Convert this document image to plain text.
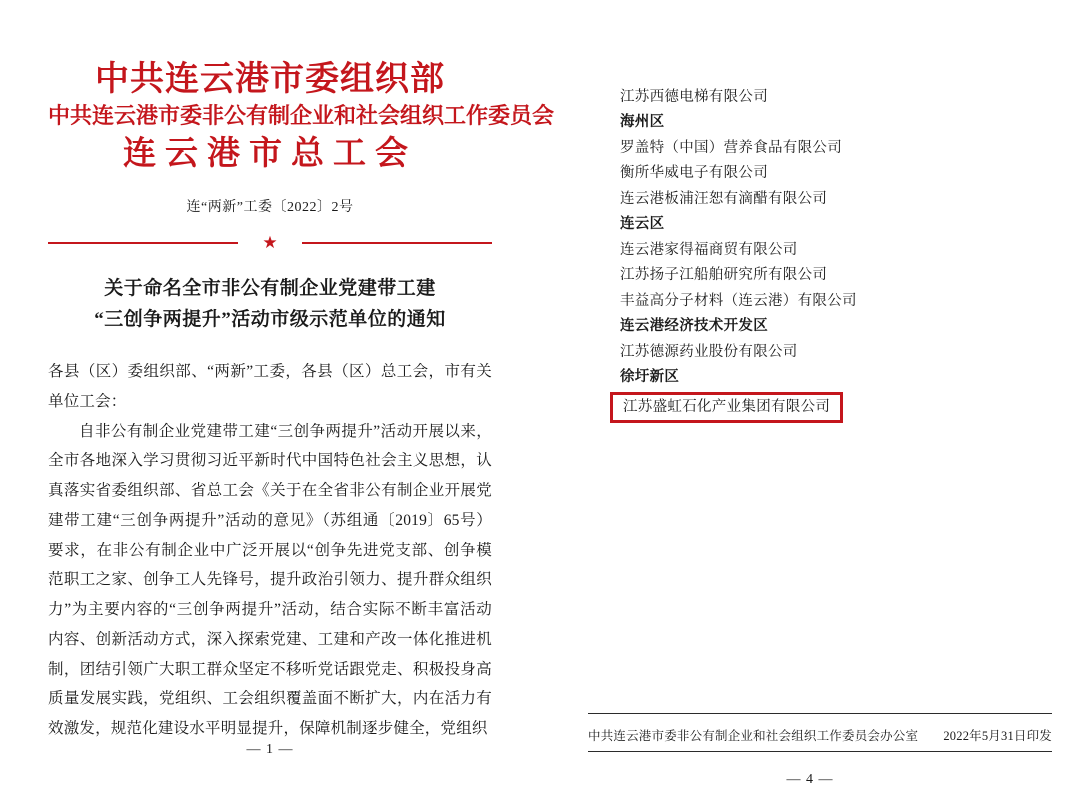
中共连云港市委组织部
中共连云港市委非公有制企业和社会组织工作委员会
连云港市总工会
连“两新”工委〔2022〕2号
★
关于命名全市非公有制企业党建带工建
“三创争两提升”活动市级示范单位的通知

各县（区）委组织部、“两新”工委，各县（区）总工会，市有关单位工会：

自非公有制企业党建带工建“三创争两提升”活动开展以来，全市各地深入学习贯彻习近平新时代中国特色社会主义思想，认真落实省委组织部、省总工会《关于在全省非公有制企业开展党建带工建“三创争两提升”活动的意见》（苏组通〔2019〕65号）要求，在非公有制企业中广泛开展以“创争先进党支部、创争模范职工之家、创争工人先锋号，提升政治引领力、提升群众组织力”为主要内容的“三创争两提升”活动，结合实际不断丰富活动内容、创新活动方式，深入探索党建、工建和产改一体化推进机制，团结引领广大职工群众坚定不移听党话跟党走、积极投身高质量发展实践，党组织、工会组织覆盖面不断扩大，内在活力有效激发，规范化建设水平明显提升，保障机制逐步健全，党组织

— 1 —
江苏西德电梯有限公司
海州区
罗盖特（中国）营养食品有限公司
衡所华威电子有限公司
连云港板浦汪恕有滴醋有限公司
连云区
连云港家得福商贸有限公司
江苏扬子江船舶研究所有限公司
丰益高分子材料（连云港）有限公司
连云港经济技术开发区
江苏德源药业股份有限公司
徐圩新区
江苏盛虹石化产业集团有限公司
中共连云港市委非公有制企业和社会组织工作委员会办公室 2022年5月31日印发
— 4 —
